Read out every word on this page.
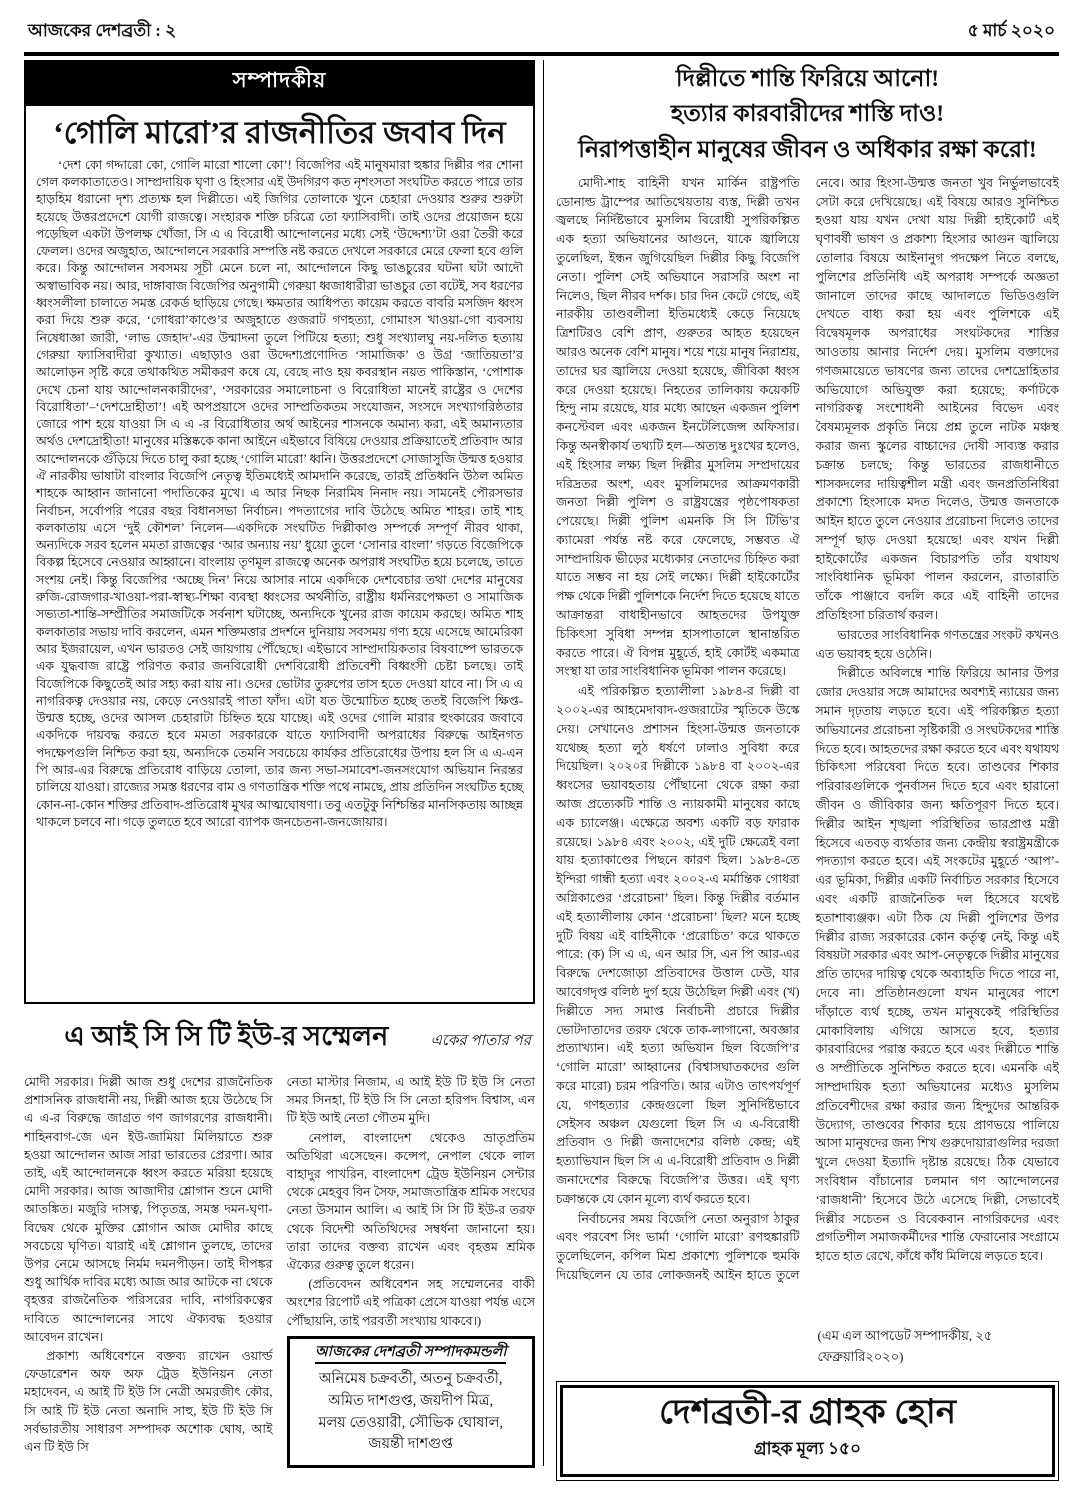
আজকের দেশব্রতী : ২	৫ মার্চ ২০২০
সম্পাদকীয়
‘গোলি মারো’র রাজনীতির জবাব দিন

‘দেশ কো গদ্দারো কো, গোলি মারো শালো কো’! বিজেপির এই মানুষমারা হুঙ্কার দিল্লীর পর শোনা গেল কলকাতাতেও। সাম্প্রদায়িক ঘৃণা ও হিংসার এই উদগিরণ কত নৃশংসতা সংঘটিত করতে পারে তার হাড়হিম ধরানো দৃশ্য প্রত্যক্ষ হল দিল্লীতে। এই জিগির তোলাকে খুনে চেহারা দেওয়ার শুরুর শুরুটা হয়েছে উত্তরপ্রদেশে যোগী রাজত্বে। সংহারক শক্তি চরিত্রে তো ফ্যাসিবাদী। তাই ওদের প্রয়োজন হয়ে পড়েছিল একটা উপলক্ষ খোঁজা, সি এ এ বিরোধী আন্দোলনের মধ্যে সেই ‘উদ্দেশ্য’টা ওরা তৈরী করে ফেলল। ওদের অজুহাত, আন্দোলনে সরকারি সম্পত্তি নষ্ট করতে দেখলে সরকারে মেরে ফেলা হবে গুলি করে। কিন্তু আন্দোলন সবসময় সূচী মেনে চলে না, আন্দোলনে কিছু ভাঙচুরের ঘটনা ঘটা আদৌ অস্বাভাবিক নয়। আর, দাঙ্গাবাজ বিজেপির অনুগামী গেরুয়া ধ্বজাধারীরা ভাঙচুর তো বটেই, সব ধরণের ধ্বংসলীলা চালাতে সমস্ত রেকর্ড ছাড়িয়ে গেছে। ক্ষমতার আধিপত্য কায়েম করতে বাবরি মসজিদ ধ্বংস করা দিয়ে শুরু করে, ‘গোধরা’কাণ্ডে’র অজুহাতে গুজরাট গণহত্যা, গোমাংস খাওয়া-গো ব্যবসায় নিষেধাজ্ঞা জারী, ‘লাভ জেহাদ’-এর উন্মাদনা তুলে পিটিয়ে হত্যা; শুধু সংখ্যালঘু নয়-দলিত হত্যায় গেরুয়া ফ্যাসিবাদীরা কুখ্যাত। এছাড়াও ওরা উদ্দেশ্যপ্রণোদিত ‘সামাজিক’ ও উগ্র ‘জাতিয়তা’র আলোড়ন সৃষ্টি করে তথাকথিত সমীকরণ কষে যে, বেছে নাও হয় কবরস্থান নয়ত পাকিস্তান, ‘পোশাক দেখে চেনা যায় আন্দোলনকারীদের’, ‘সরকারের সমালোচনা ও বিরোধিতা মানেই রাষ্ট্রের ও দেশের বিরোধিতা’–‘দেশদ্রোহীতা’! এই অপপ্রয়াসে ওদের সাম্প্রতিকতম সংযোজন, সংসদে সংখ্যাগরিষ্ঠতার জোরে পাশ হয়ে যাওয়া সি এ এ -র বিরোধিতার অর্থ আইনের শাসনকে অমান্য করা, এই অমান্যতার অর্থও দেশদ্রোহীতা! মানুষের মস্তিষ্ককে কানা আইনে এইভাবে বিষিয়ে দেওয়ার প্রক্রিয়াতেই প্রতিবাদ আর আন্দোলনকে গুঁড়িয়ে দিতে চালু করা হচ্ছে ‘গোলি মারো’ ধ্বনি। উত্তরপ্রদেশে সোজাসুজি উন্মত্ত হওয়ার ঐ নারকীয় ভাষাটা বাংলার বিজেপি নেতৃত্ব ইতিমধ্যেই আমদানি করেছে, তারই প্রতিধ্বনি উঠল অমিত শাহকে আহ্বান জানানো পদাতিকের মুখে। এ আর নিছক নিরামিষ নিনাদ নয়। সামনেই পৌরসভার নির্বাচন, সর্বোপরি পরের বছর বিধানসভা নির্বাচন। পদত্যাগের দাবি উঠেছে অমিত শাহর। তাই শাহ কলকাতায় এসে ‘দুই কৌশল’ নিলেন—একদিকে সংঘটিত দিল্লীকাণ্ড সম্পর্কে সম্পূর্ণ নীরব থাকা, অন্যদিকে সরব হলেন মমতা রাজত্বের ‘আর অন্যায় নয়’ ধুয়ো তুলে ‘সোনার বাংলা’ গড়তে বিজেপিকে বিকল্প হিসেবে নেওয়ার আহ্বানে। বাংলায় তৃণমূল রাজত্বে অনেক অপরাধ সংঘটিত হয়ে চলেছে, তাতে সংশয় নেই। কিন্তু বিজেপির ‘অচ্ছে দিন’ নিয়ে আসার নামে একদিকে দেশবেচার তথা দেশের মানুষের রুজি-রোজগার-খাওয়া-পরা-স্বাস্থ্য-শিক্ষা ব্যবস্থা ধ্বংসের অর্থনীতি, রাষ্ট্রীয় ধর্মনিরপেক্ষতা ও সামাজিক সভ্যতা-শান্তি-সম্প্রীতির সমাজটিকে সর্বনাশ ঘটাচ্ছে, অন্যদিকে খুনের রাজ কায়েম করছে। অমিত শাহ কলকাতার সভায় দাবি করলেন, এমন শক্তিমত্তার প্রদর্শনে দুনিয়ায় সবসময় গণ্য হয়ে এসেছে আমেরিকা আর ইজরায়েল, এখন ভারতও সেই জায়গায় পৌঁছেছে। এইভাবে সাম্প্রদায়িকতার বিষবাষ্পে ভারতকে এক যুদ্ধবাজ রাষ্ট্রে পরিণত করার জনবিরোধী দেশবিরোধী প্রতিবেশী বিধ্বংসী চেষ্টা চলছে। তাই বিজেপিকে কিছুতেই আর সহ্য করা যায় না। ওদের ভোটার তুরুপের তাস হতে দেওয়া যাবে না। সি এ এ নাগরিকত্ব দেওয়ার নয়, কেড়ে নেওয়ারই পাতা ফাঁদ। এটা যত উন্মোচিত হচ্ছে ততই বিজেপি ক্ষিপ্ত-উন্মত্ত হচ্ছে, ওদের আসল চেহারাটা চিহ্নিত হয়ে যাচ্ছে। এই ওদের গোলি মারার হুংকারের জবাবে একদিকে দায়বদ্ধ করতে হবে মমতা সরকারকে যাতে ফ্যাসিবাদী অপরাধের বিরুদ্ধে আইনগত পদক্ষেপগুলি নিশ্চিত করা হয়, অন্যদিকে তেমনি সবচেয়ে কার্যকর প্রতিরোধের উপায় হল সি এ এ-এন পি আর-এর বিরুদ্ধে প্রতিরোধ বাড়িয়ে তোলা, তার জন্য সভা-সমাবেশ-জনসংযোগ অভিযান নিরন্তর চালিয়ে যাওয়া। রাজ্যের সমস্ত ধরণের বাম ও গণতান্ত্রিক শক্তি পথে নামছে, প্রায় প্রতিদিন সংঘটিত হচ্ছে কোন-না-কোন শক্তির প্রতিবাদ-প্রতিরোধ মুখর আত্মঘোষণা। তবু এতটুকু নিশ্চিন্তির মানসিকতায় আচ্ছন্ন থাকলে চলবে না। গড়ে তুলতে হবে আরো ব্যাপক জনচেতনা-জনজোয়ার।

এ আই সি সি টি ইউ-র সম্মেলন	একের পাতার পর

মোদী সরকার। দিল্লী আজ শুধু দেশের রাজনৈতিক প্রশাসনিক রাজধানী নয়, দিল্লী আজ হয়ে উঠেছে সি এ এ-র বিরুদ্ধে জাগ্রত গণ জাগরণের রাজধানী। শাহিনবাগ-জে এন ইউ-জামিয়া মিলিয়াতে শুরু হওয়া আন্দোলন আজ সারা ভারতের প্রেরণা। আর তাই, এই আন্দোলনকে ধ্বংস করতে মরিয়া হয়েছে মোদী সরকার। আজ আজাদীর শ্লোগান শুনে মোদী আতঙ্কিত। মজুরি দাসত্ব, পিতৃতন্ত্র, সমস্ত দমন-ঘৃণা-বিদ্বেষ থেকে মুক্তির শ্লোগান আজ মোদীর কাছে সবচেয়ে ঘৃণিত। যারাই এই শ্লোগান তুলছে, তাদের উপর নেমে আসছে নির্মম দমনপীড়ন। তাই দীপঙ্কর শুধু আর্থিক দাবির মধ্যে আজ আর আটকে না থেকে বৃহত্তর রাজনৈতিক পরিসরের দাবি, নাগরিকত্বের দাবিতে আন্দোলনের সাথে ঐক্যবদ্ধ হওয়ার আবেদন রাখেন।

প্রকাশ্য অধিবেশনে বক্তব্য রাখেন ওয়ার্ল্ড ফেডারেশন অফ অফ ট্রেড ইউনিয়ন নেতা মহাদেবন, এ আই টি ইউ সি নেত্রী অমরজীৎ কৌর, সি আই টি ইউ নেতা অনাদি সাহু, ইউ টি ইউ সি সর্বভারতীয় সাধারণ সম্পাদক অশোক ঘোষ, আই এন টি ইউ সি

নেতা মাস্টার নিজাম, এ আই ইউ টি ইউ সি নেতা সমর সিনহা, টি ইউ সি সি নেতা হরিপদ বিশ্বাস, এন টি ইউ আই নেতা গৌতম মুদি।

নেপাল, বাংলাদেশ থেকেও ভ্রাতৃপ্রতিম অতিথিরা এসেছেন। কন্সেপ, নেপাল থেকে লাল বাহাদুর পাখরিন, বাংলাদেশ ট্রেড ইউনিয়ন সেন্টার থেকে মেহবুব বিন সৈফ, সমাজতান্ত্রিক শ্রমিক সংঘের নেতা উসমান আলি। এ আই সি সি টি ইউ-র তরফ থেকে বিদেশী অতিথিদের সম্বর্ধনা জানানো হয়। তারা তাদের বক্তব্য রাখেন এবং বৃহত্তম শ্রমিক ঐক্যের গুরুত্ব তুলে ধরেন।

(প্রতিবেদন অধিবেশন সহ সম্মেলনের বাকী অংশের রিপোর্ট এই পত্রিকা প্রেসে যাওয়া পর্যন্ত এসে পৌঁছায়নি, তাই পরবর্তী সংখ্যায় থাকবে।)

আজকের দেশব্রতী সম্পাদকমন্ডলী
অনিমেষ চক্রবর্তী, অতনু চক্রবর্তী,
অমিত দাশগুপ্ত, জয়দীপ মিত্র,
মলয় তেওয়ারী, সৌভিক ঘোষাল,
জয়ন্তী দাশগুপ্ত
দিল্লীতে শান্তি ফিরিয়ে আনো!
হত্যার কারবারীদের শাস্তি দাও!
নিরাপত্তাহীন মানুষের জীবন ও অধিকার রক্ষা করো!

মোদী-শাহ বাহিনী যখন মার্কিন রাষ্ট্রপতি ডোনাল্ড ট্রাম্পের আতিথেয়তায় ব্যস্ত, দিল্লী তখন জ্বলছে নির্দিষ্টভাবে মুসলিম বিরোধী সুপরিকল্পিত এক হত্যা অভিযানের আগুনে, যাকে জ্বালিয়ে তুলেছিল, ইন্ধন জুগিয়েছিল দিল্লীর কিছু বিজেপি নেতা। পুলিশ সেই অভিযানে সরাসরি অংশ না নিলেও, ছিল নীরব দর্শক। চার দিন কেটে গেছে, এই নারকীয় তাণ্ডবলীলা ইতিমধ্যেই কেড়ে নিয়েছে ত্রিশটিরও বেশি প্রাণ, গুরুতর আহত হয়েছেন আরও অনেক বেশি মানুষ। শয়ে শয়ে মানুষ নিরাশ্রয়, তাদের ঘর জ্বালিয়ে দেওয়া হয়েছে, জীবিকা ধ্বংস করে দেওয়া হয়েছে। নিহতের তালিকায় কয়েকটি হিন্দু নাম রয়েছে, যার মধ্যে আছেন একজন পুলিশ কনস্টেবল এবং একজন ইনটেলিজেন্স অফিসার। কিন্তু অনস্বীকার্য তথ্যটি হল—অত্যন্ত দুঃখের হলেও, এই হিংসার লক্ষ্য ছিল দিল্লীর মুসলিম সম্প্রদায়ের দরিদ্রতর অংশ, এবং মুসলিমদের আক্রমণকারী জনতা দিল্লী পুলিশ ও রাষ্ট্রযন্ত্রের পৃষ্ঠপোষকতা পেয়েছে। দিল্লী পুলিশ এমনকি সি সি টিভি’র ক্যামেরা পর্যন্ত নষ্ট করে ফেলেছে, সম্ভবত ঐ সাম্প্রদায়িক ভীড়ের মধ্যেকার নেতাদের চিহ্নিত করা যাতে সম্ভব না হয় সেই লক্ষ্যে। দিল্লী হাইকোর্টের পক্ষ থেকে দিল্লী পুলিশকে নির্দেশ দিতে হয়েছে যাতে আক্রান্তরা বাধাহীনভাবে আহতদের উপযুক্ত চিকিৎসা সুবিধা সম্পন্ন হাসপাতালে স্থানান্তরিত করতে পারে। ঐ বিপন্ন মুহূর্তে, হাই কোর্টই একমাত্র সংস্থা যা তার সাংবিধানিক ভূমিকা পালন করেছে।

এই পরিকল্পিত হত্যালীলা ১৯৮৪-র দিল্লী বা ২০০২-এর আহমেদাবাদ-গুজরাটের স্মৃতিকে উস্কে দেয়। সেখানেও প্রশাসন হিংসা-উন্মত্ত জনতাকে যথেচ্ছ হত্যা লুঠ ধর্ষণে ঢালাও সুবিধা করে দিয়েছিল। ২০২০র দিল্লীকে ১৯৮৪ বা ২০০২-এর ধ্বংসের ভয়াবহতায় পৌঁছানো থেকে রক্ষা করা আজ প্রত্যেকটি শান্তি ও ন্যায়কামী মানুষের কাছে এক চ্যালেঞ্জ। এক্ষেত্রে অবশ্য একটি বড় ফারাক রয়েছে। ১৯৮৪ এবং ২০০২, এই দুটি ক্ষেত্রেই বলা যায় হত্যাকাণ্ডের পিছনে কারণ ছিল। ১৯৮৪-তে ইন্দিরা গান্ধী হত্যা এবং ২০০২-এ মর্মান্তিক গোধরা অগ্নিকাণ্ডের ‘প্ররোচনা’ ছিল। কিন্তু দিল্লীর বর্তমান এই হত্যালীলায় কোন ‘প্ররোচনা’ ছিল? মনে হচ্ছে দুটি বিষয় এই বাহিনীকে ‘প্ররোচিত’ করে থাকতে পারে: (ক) সি এ এ, এন আর সি, এন পি আর-এর বিরুদ্ধে দেশজোড়া প্রতিবাদের উত্তাল ঢেউ, যার আবেগদৃপ্ত বলিষ্ঠ দুর্গ হয়ে উঠেছিল দিল্লী এবং (খ) দিল্লীতে সদ্য সমাপ্ত নির্বাচনী প্রচারে দিল্লীর ভোটদাতাদের তরফ থেকে তাক-লাগানো, অবজ্ঞার প্রত্যাখ্যান। এই হত্যা অভিযান ছিল বিজেপি’র ‘গোলি মারো’ আহ্বানের (বিশ্বাসঘাতকদের গুলি করে মারো) চরম পরিণতি। আর এটাও তাৎপর্যপূর্ণ যে, গণহত্যার কেন্দ্রগুলো ছিল সুনির্দিষ্টভাবে সেইসব অঞ্চল যেগুলো ছিল সি এ এ-বিরোধী প্রতিবাদ ও দিল্লী জনাদেশের বলিষ্ঠ কেন্দ্র; এই হত্যাভিযান ছিল সি এ এ-বিরোধী প্রতিবাদ ও দিল্লী জনাদেশের বিরুদ্ধে বিজেপি’র উত্তর। এই ঘৃণ্য চক্রান্তকে যে কোন মূল্যে ব্যর্থ করতে হবে।

নির্বাচনের সময় বিজেপি নেতা অনুরাগ ঠাকুর এবং পরবেশ সিং ভার্মা ‘গোলি মারো’ রণহুঙ্কারটি তুলেছিলেন, কপিল মিশ্র প্রকাশ্যে পুলিশকে হুমকি দিয়েছিলেন যে তার লোকজনই আইন হাতে তুলে নেবে। আর হিংসা-উন্মত্ত জনতা খুব নির্ভুলভাবেই সেটা করে দেখিয়েছে। এই বিষয়ে আরও সুনিশ্চিত হওয়া যায় যখন দেখা যায় দিল্লী হাইকোর্ট এই ঘৃণাবর্ষী ভাষণ ও প্রকাশ্য হিংসার আগুন জ্বালিয়ে তোলার বিষয়ে আইনানুগ পদক্ষেপ নিতে বলছে, পুলিশের প্রতিনিধি এই অপরাধ সম্পর্কে অজ্ঞতা জানালে তাদের কাছে আদালতে ভিডিওগুলি দেখতে বাধ্য করা হয় এবং পুলিশকে এই বিদ্বেষমূলক অপরাধের সংঘটকদের শাস্তির আওতায় আনার নির্দেশ দেয়। মুসলিম বক্তাদের গণজমায়েতে ভাষণের জন্য তাদের দেশদ্রোহিতার অভিযোগে অভিযুক্ত করা হয়েছে; কর্ণাটকে নাগরিকত্ব সংশোধনী আইনের বিভেদ এবং বৈষম্যমূলক প্রকৃতি নিয়ে প্রশ্ন তুলে নাটক মঞ্চস্থ করার জন্য স্কুলের বাচ্চাদের দোষী সাব্যস্ত করার চক্রান্ত চলছে; কিন্তু ভারতের রাজধানীতে শাসকদলের দায়িত্বশীল মন্ত্রী এবং জনপ্রতিনিধিরা প্রকাশ্যে হিংসাকে মদত দিলেও, উন্মত্ত জনতাকে আইন হাতে তুলে নেওয়ার প্ররোচনা দিলেও তাদের সম্পূর্ণ ছাড় দেওয়া হয়েছে! এবং যখন দিল্লী হাইকোর্টের একজন বিচারপতি তাঁর যথাযথ সাংবিধানিক ভূমিকা পালন করলেন, রাতারাতি তাঁকে পাঞ্জাবে বদলি করে এই বাহিনী তাদের প্রতিহিংসা চরিতার্থ করল।

ভারতের সাংবিধানিক গণতন্ত্রের সংকট কখনও এত ভয়াবহ হয়ে ওঠেনি।

দিল্লীতে অবিলম্বে শান্তি ফিরিয়ে আনার উপর জোর দেওয়ার সঙ্গে আমাদের অবশ্যই ন্যায়ের জন্য সমান দৃঢ়তায় লড়তে হবে। এই পরিকল্পিত হত্যা অভিযানের প্ররোচনা সৃষ্টিকারী ও সংঘটকদের শাস্তি দিতে হবে। আহতদের রক্ষা করতে হবে এবং যথাযথ চিকিৎসা পরিষেবা দিতে হবে। তাণ্ডবের শিকার পরিবারগুলিকে পুনর্বাসন দিতে হবে এবং হারানো জীবন ও জীবিকার জন্য ক্ষতিপূরণ দিতে হবে। দিল্লীর আইন শৃঙ্খলা পরিস্থিতির ভারপ্রাপ্ত মন্ত্রী হিসেবে এতবড় ব্যর্থতার জন্য কেন্দ্রীয় স্বরাষ্ট্রমন্ত্রীকে পদত্যাগ করতে হবে। এই সংকটের মুহূর্তে ‘আপ’-এর ভূমিকা, দিল্লীর একটি নির্বাচিত সরকার হিসেবে এবং একটি রাজনৈতিক দল হিসেবে যথেষ্ট হতাশাব্যঞ্জক। এটা ঠিক যে দিল্লী পুলিশের উপর দিল্লীর রাজ্য সরকারের কোন কর্তৃত্ব নেই, কিন্তু এই বিষয়টা সরকার এবং আপ-নেতৃত্বকে দিল্লীর মানুষের প্রতি তাদের দায়িত্ব থেকে অব্যাহতি দিতে পারে না, দেবে না। প্রতিষ্ঠানগুলো যখন মানুষের পাশে দাঁড়াতে ব্যর্থ হচ্ছে, তখন মানুষকেই পরিস্থিতির মোকাবিলায় এগিয়ে আসতে হবে, হত্যার কারবারিদের পরাস্ত করতে হবে এবং দিল্লীতে শান্তি ও সম্প্রীতিকে সুনিশ্চিত করতে হবে। এমনকি এই সাম্প্রদায়িক হত্যা অভিযানের মধ্যেও মুসলিম প্রতিবেশীদের রক্ষা করার জন্য হিন্দুদের আন্তরিক উদ্যোগ, তাণ্ডবের শিকার হয়ে প্রাণভয়ে পালিয়ে আসা মানুষদের জন্য শিখ গুরুদোয়ারাগুলির দরজা খুলে দেওয়া ইত্যাদি দৃষ্টান্ত রয়েছে। ঠিক যেভাবে সংবিধান বাঁচানোর চলমান গণ আন্দোলনের ‘রাজধানী’ হিসেবে উঠে এসেছে দিল্লী, সেভাবেই দিল্লীর সচেতন ও বিবেকবান নাগরিকদের এবং প্রগতিশীল সমাজকর্মীদের শান্তি ফেরানোর সংগ্রামে হাতে হাত রেখে, কাঁধে কাঁধ মিলিয়ে লড়তে হবে।

(এম এল আপডেট সম্পাদকীয়, ২৫ ফেব্রুয়ারি২০২০)
দেশব্রতী-র গ্রাহক হোন
গ্রাহক মূল্য ১৫০
